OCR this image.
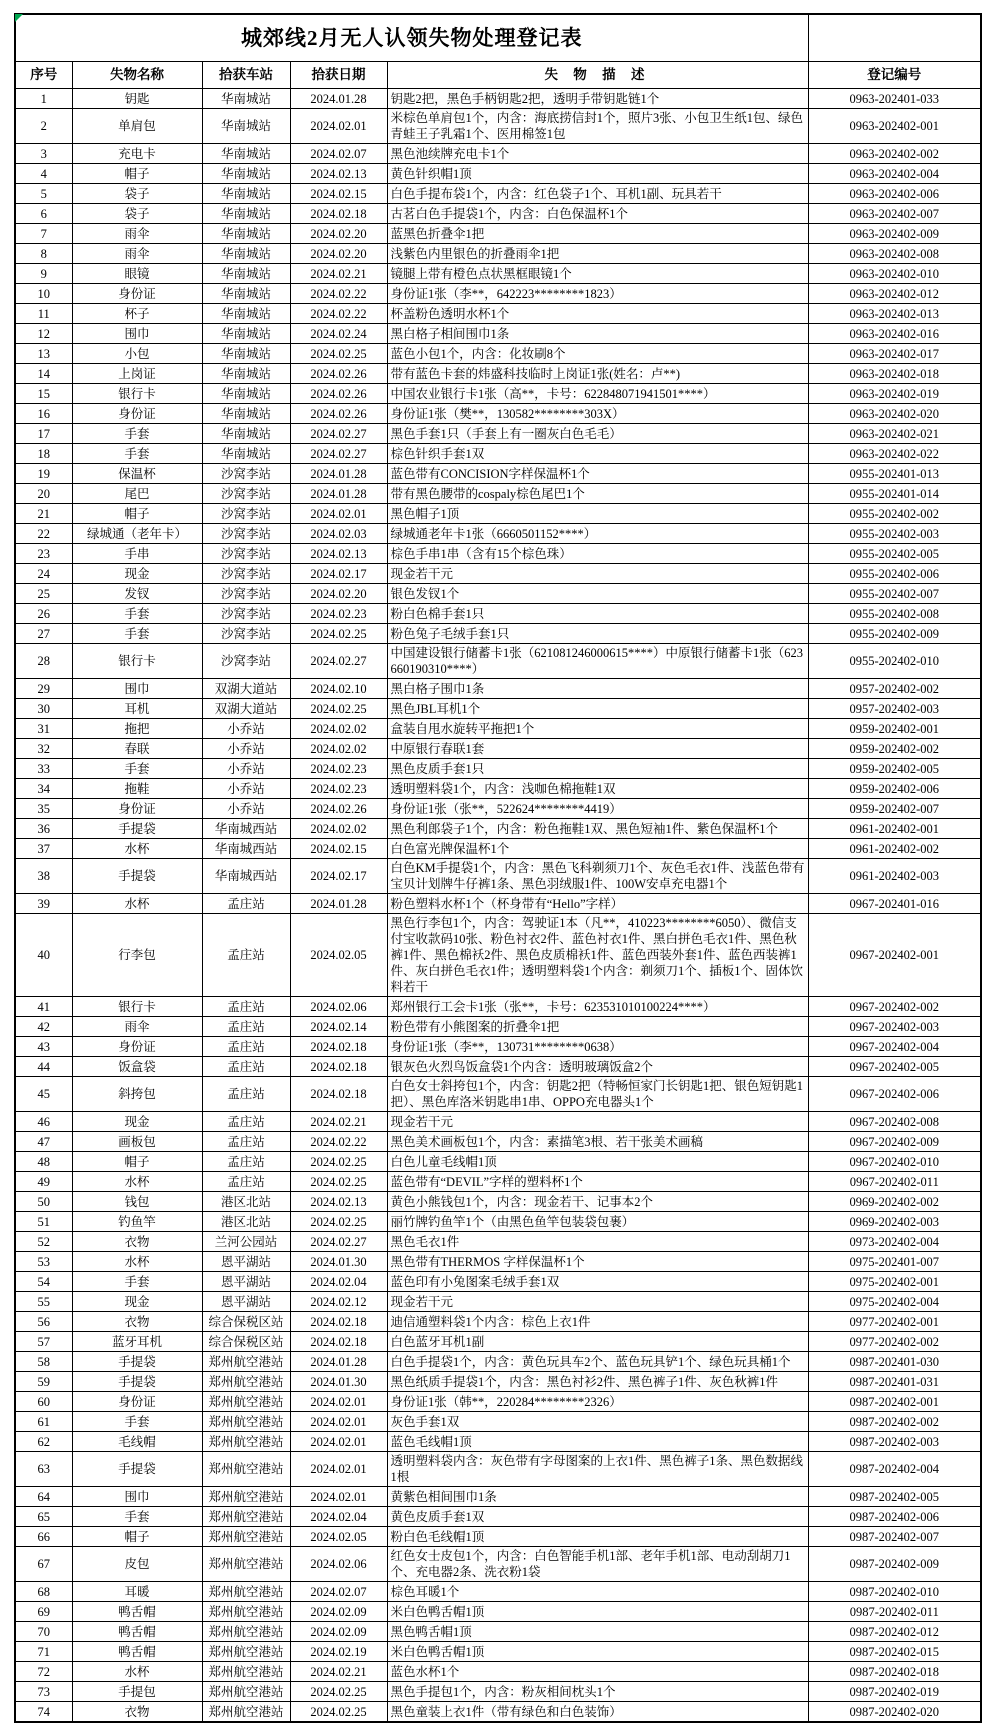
城郊线2月无人认领失物处理登记表					
序号	失物名称	拾获车站	拾获日期	失 物 描 述	登记编号
1	钥匙	华南城站	2024.01.28	钥匙2把，黑色手柄钥匙2把，透明手带钥匙链1个	0963-202401-033
2	单肩包	华南城站	2024.02.01	米棕色单肩包1个，内含：海底捞信封1个，照片3张、小包卫生纸1包、绿色青蛙王子乳霜1个、医用棉签1包	0963-202402-001
3	充电卡	华南城站	2024.02.07	黑色池续牌充电卡1个	0963-202402-002
4	帽子	华南城站	2024.02.13	黄色针织帽1顶	0963-202402-004
5	袋子	华南城站	2024.02.15	白色手提布袋1个，内含：红色袋子1个、耳机1副、玩具若干	0963-202402-006
6	袋子	华南城站	2024.02.18	古茗白色手提袋1个，内含：白色保温杯1个	0963-202402-007
7	雨伞	华南城站	2024.02.20	蓝黑色折叠伞1把	0963-202402-009
8	雨伞	华南城站	2024.02.20	浅紫色内里银色的折叠雨伞1把	0963-202402-008
9	眼镜	华南城站	2024.02.21	镜腿上带有橙色点状黑框眼镜1个	0963-202402-010
10	身份证	华南城站	2024.02.22	身份证1张（李**，642223********1823）	0963-202402-012
11	杯子	华南城站	2024.02.22	杯盖粉色透明水杯1个	0963-202402-013
12	围巾	华南城站	2024.02.24	黑白格子相间围巾1条	0963-202402-016
13	小包	华南城站	2024.02.25	蓝色小包1个，内含：化妆刷8个	0963-202402-017
14	上岗证	华南城站	2024.02.26	带有蓝色卡套的炜盛科技临时上岗证1张(姓名：卢**)	0963-202402-018
15	银行卡	华南城站	2024.02.26	中国农业银行卡1张（高**，卡号：622848071941501****）	0963-202402-019
16	身份证	华南城站	2024.02.26	身份证1张（樊**，130582********303X）	0963-202402-020
17	手套	华南城站	2024.02.27	黑色手套1只（手套上有一圈灰白色毛毛）	0963-202402-021
18	手套	华南城站	2024.02.27	棕色针织手套1双	0963-202402-022
19	保温杯	沙窝李站	2024.01.28	蓝色带有CONCISION字样保温杯1个	0955-202401-013
20	尾巴	沙窝李站	2024.01.28	带有黑色腰带的cospaly棕色尾巴1个	0955-202401-014
21	帽子	沙窝李站	2024.02.01	黑色帽子1顶	0955-202402-002
22	绿城通（老年卡）	沙窝李站	2024.02.03	绿城通老年卡1张（6660501152****）	0955-202402-003
23	手串	沙窝李站	2024.02.13	棕色手串1串（含有15个棕色珠）	0955-202402-005
24	现金	沙窝李站	2024.02.17	现金若干元	0955-202402-006
25	发钗	沙窝李站	2024.02.20	银色发钗1个	0955-202402-007
26	手套	沙窝李站	2024.02.23	粉白色棉手套1只	0955-202402-008
27	手套	沙窝李站	2024.02.25	粉色兔子毛绒手套1只	0955-202402-009
28	银行卡	沙窝李站	2024.02.27	中国建设银行储蓄卡1张（621081246000615****）中原银行储蓄卡1张（623660190310****）	0955-202402-010
29	围巾	双湖大道站	2024.02.10	黑白格子围巾1条	0957-202402-002
30	耳机	双湖大道站	2024.02.25	黑色JBL耳机1个	0957-202402-003
31	拖把	小乔站	2024.02.02	盒装自甩水旋转平拖把1个	0959-202402-001
32	春联	小乔站	2024.02.02	中原银行春联1套	0959-202402-002
33	手套	小乔站	2024.02.23	黑色皮质手套1只	0959-202402-005
34	拖鞋	小乔站	2024.02.23	透明塑料袋1个，内含：浅咖色棉拖鞋1双	0959-202402-006
35	身份证	小乔站	2024.02.26	身份证1张（张**，522624********4419）	0959-202402-007
36	手提袋	华南城西站	2024.02.02	黑色利郎袋子1个，内含：粉色拖鞋1双、黑色短袖1件、紫色保温杯1个	0961-202402-001
37	水杯	华南城西站	2024.02.15	白色富光牌保温杯1个	0961-202402-002
38	手提袋	华南城西站	2024.02.17	白色KM手提袋1个，内含：黑色飞科剃须刀1个、灰色毛衣1件、浅蓝色带有宝贝计划牌牛仔裤1条、黑色羽绒服1件、100W安卓充电器1个	0961-202402-003
39	水杯	孟庄站	2024.01.28	粉色塑料水杯1个（杯身带有“Hello”字样）	0967-202401-016
40	行李包	孟庄站	2024.02.05	黑色行李包1个，内含：驾驶证1本（凡**，410223********6050）、微信支付宝收款码10张、粉色衬衣2件、蓝色衬衣1件、黑白拼色毛衣1件、黑色秋裤1件、黑色棉袄2件、黑色皮质棉袄1件、蓝色西装外套1件、蓝色西装裤1件、灰白拼色毛衣1件；透明塑料袋1个内含：剃须刀1个、插板1个、固体饮料若干	0967-202402-001
41	银行卡	孟庄站	2024.02.06	郑州银行工会卡1张（张**，卡号：623531010100224****）	0967-202402-002
42	雨伞	孟庄站	2024.02.14	粉色带有小熊图案的折叠伞1把	0967-202402-003
43	身份证	孟庄站	2024.02.18	身份证1张（李**，130731********0638）	0967-202402-004
44	饭盒袋	孟庄站	2024.02.18	银灰色火烈鸟饭盒袋1个内含：透明玻璃饭盒2个	0967-202402-005
45	斜挎包	孟庄站	2024.02.18	白色女士斜挎包1个，内含：钥匙2把（特畅恒家门长钥匙1把、银色短钥匙1把）、黑色库洛米钥匙串1串、OPPO充电器头1个	0967-202402-006
46	现金	孟庄站	2024.02.21	现金若干元	0967-202402-008
47	画板包	孟庄站	2024.02.22	黑色美术画板包1个，内含：素描笔3根、若干张美术画稿	0967-202402-009
48	帽子	孟庄站	2024.02.25	白色儿童毛线帽1顶	0967-202402-010
49	水杯	孟庄站	2024.02.25	蓝色带有“DEVIL”字样的塑料杯1个	0967-202402-011
50	钱包	港区北站	2024.02.13	黄色小熊钱包1个，内含：现金若干、记事本2个	0969-202402-002
51	钓鱼竿	港区北站	2024.02.25	丽竹牌钓鱼竿1个（由黑色鱼竿包装袋包裹）	0969-202402-003
52	衣物	兰河公园站	2024.02.27	黑色毛衣1件	0973-202402-004
53	水杯	恩平湖站	2024.01.30	黑色带有THERMOS 字样保温杯1个	0975-202401-007
54	手套	恩平湖站	2024.02.04	蓝色印有小兔图案毛绒手套1双	0975-202402-001
55	现金	恩平湖站	2024.02.12	现金若干元	0975-202402-004
56	衣物	综合保税区站	2024.02.18	迪信通塑料袋1个内含：棕色上衣1件	0977-202402-001
57	蓝牙耳机	综合保税区站	2024.02.18	白色蓝牙耳机1副	0977-202402-002
58	手提袋	郑州航空港站	2024.01.28	白色手提袋1个，内含：黄色玩具车2个、蓝色玩具铲1个、绿色玩具桶1个	0987-202401-030
59	手提袋	郑州航空港站	2024.01.30	黑色纸质手提袋1个，内含：黑色衬衫2件、黑色裤子1件、灰色秋裤1件	0987-202401-031
60	身份证	郑州航空港站	2024.02.01	身份证1张（韩**，220284********2326）	0987-202402-001
61	手套	郑州航空港站	2024.02.01	灰色手套1双	0987-202402-002
62	毛线帽	郑州航空港站	2024.02.01	蓝色毛线帽1顶	0987-202402-003
63	手提袋	郑州航空港站	2024.02.01	透明塑料袋内含：灰色带有字母图案的上衣1件、黑色裤子1条、黑色数据线1根	0987-202402-004
64	围巾	郑州航空港站	2024.02.01	黄紫色相间围巾1条	0987-202402-005
65	手套	郑州航空港站	2024.02.04	黄色皮质手套1双	0987-202402-006
66	帽子	郑州航空港站	2024.02.05	粉白色毛线帽1顶	0987-202402-007
67	皮包	郑州航空港站	2024.02.06	红色女士皮包1个，内含：白色智能手机1部、老年手机1部、电动刮胡刀1个、充电器2条、洗衣粉1袋	0987-202402-009
68	耳暖	郑州航空港站	2024.02.07	棕色耳暖1个	0987-202402-010
69	鸭舌帽	郑州航空港站	2024.02.09	米白色鸭舌帽1顶	0987-202402-011
70	鸭舌帽	郑州航空港站	2024.02.09	黑色鸭舌帽1顶	0987-202402-012
71	鸭舌帽	郑州航空港站	2024.02.19	米白色鸭舌帽1顶	0987-202402-015
72	水杯	郑州航空港站	2024.02.21	蓝色水杯1个	0987-202402-018
73	手提包	郑州航空港站	2024.02.25	黑色手提包1个，内含：粉灰相间枕头1个	0987-202402-019
74	衣物	郑州航空港站	2024.02.25	黑色童装上衣1件（带有绿色和白色装饰）	0987-202402-020
